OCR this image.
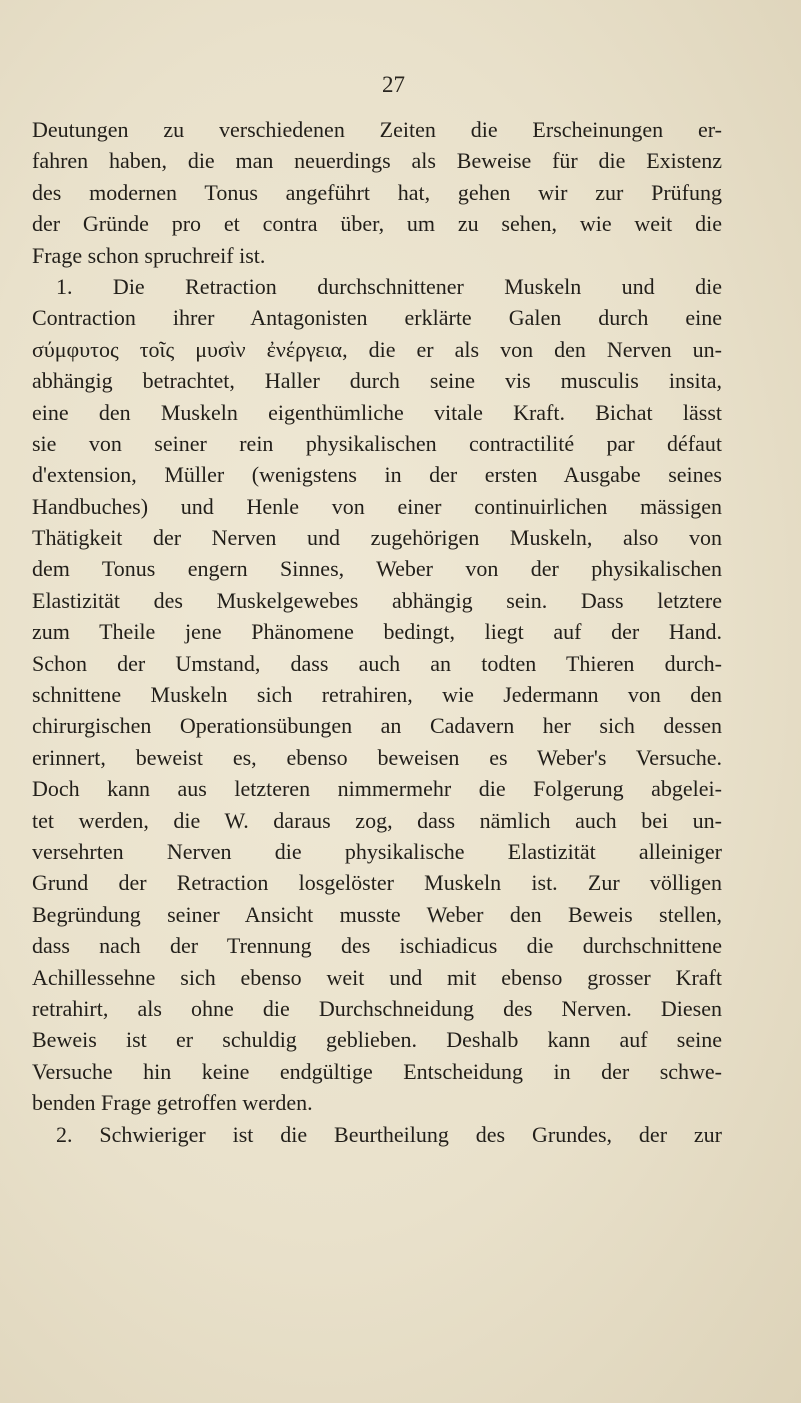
27
Deutungen zu verschiedenen Zeiten die Erscheinungen er-
fahren haben, die man neuerdings als Beweise für die Existenz
des modernen Tonus angeführt hat, gehen wir zur Prüfung
der Gründe pro et contra über, um zu sehen, wie weit die
Frage schon spruchreif ist.
1. Die Retraction durchschnittener Muskeln und die
Contraction ihrer Antagonisten erklärte Galen durch eine
σύμφυτος τοῖς μυσὶν ἐνέργεια, die er als von den Nerven un-
abhängig betrachtet, Haller durch seine vis musculis insita,
eine den Muskeln eigenthümliche vitale Kraft. Bichat lässt
sie von seiner rein physikalischen contractilité par défaut
d'extension, Müller (wenigstens in der ersten Ausgabe seines
Handbuches) und Henle von einer continuirlichen mässigen
Thätigkeit der Nerven und zugehörigen Muskeln, also von
dem Tonus engern Sinnes, Weber von der physikalischen
Elastizität des Muskelgewebes abhängig sein. Dass letztere
zum Theile jene Phänomene bedingt, liegt auf der Hand.
Schon der Umstand, dass auch an todten Thieren durch-
schnittene Muskeln sich retrahiren, wie Jedermann von den
chirurgischen Operationsübungen an Cadavern her sich dessen
erinnert, beweist es, ebenso beweisen es Weber's Versuche.
Doch kann aus letzteren nimmermehr die Folgerung abgelei-
tet werden, die W. daraus zog, dass nämlich auch bei un-
versehrten Nerven die physikalische Elastizität alleiniger
Grund der Retraction losgelöster Muskeln ist. Zur völligen
Begründung seiner Ansicht musste Weber den Beweis stellen,
dass nach der Trennung des ischiadicus die durchschnittene
Achillessehne sich ebenso weit und mit ebenso grosser Kraft
retrahirt, als ohne die Durchschneidung des Nerven. Diesen
Beweis ist er schuldig geblieben. Deshalb kann auf seine
Versuche hin keine endgültige Entscheidung in der schwe-
benden Frage getroffen werden.
2. Schwieriger ist die Beurtheilung des Grundes, der zur
